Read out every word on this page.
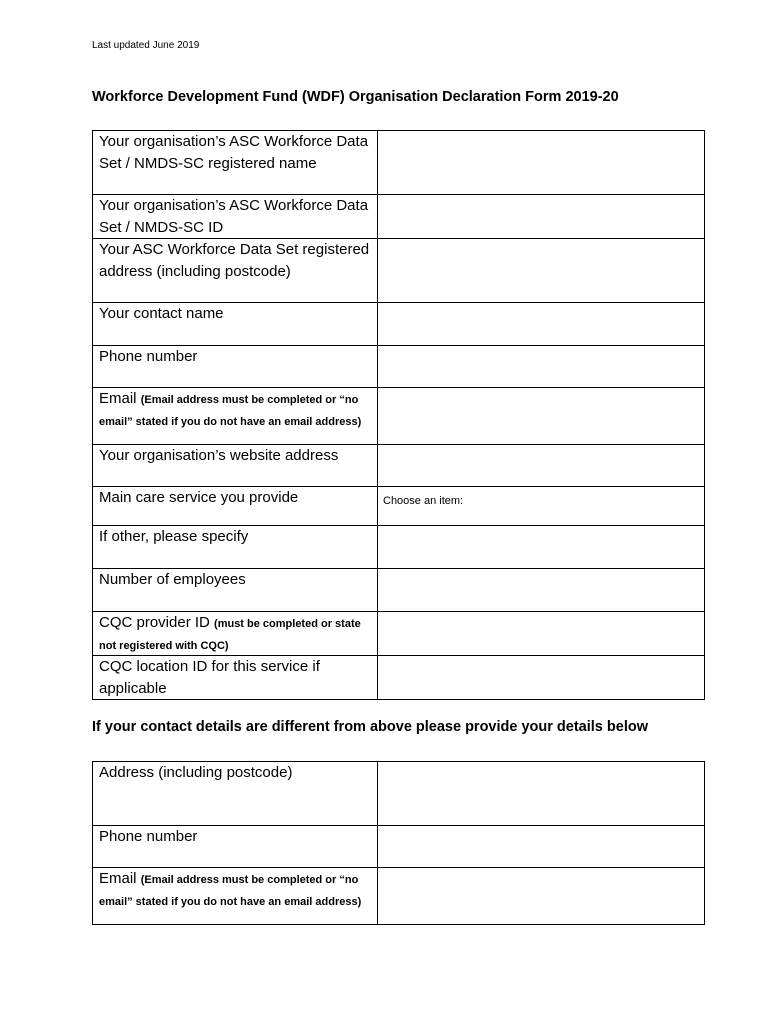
Last updated June 2019
Workforce Development Fund (WDF) Organisation Declaration Form 2019-20
Your organisation’s ASC Workforce Data Set / NMDS-SC registered name	
Your organisation’s ASC Workforce Data Set / NMDS-SC ID	
Your ASC Workforce Data Set registered address (including postcode)	
Your contact name	
Phone number	
Email (Email address must be completed or “no email” stated if you do not have an email address)	
Your organisation’s website address	
Main care service you provide	Choose an item:

If other, please specify	
Number of employees	
CQC provider ID (must be completed or state not registered with CQC)	
CQC location ID for this service if applicable	
If your contact details are different from above please provide your details below
Address (including postcode)	
Phone number	
Email (Email address must be completed or “no email” stated if you do not have an email address)	
